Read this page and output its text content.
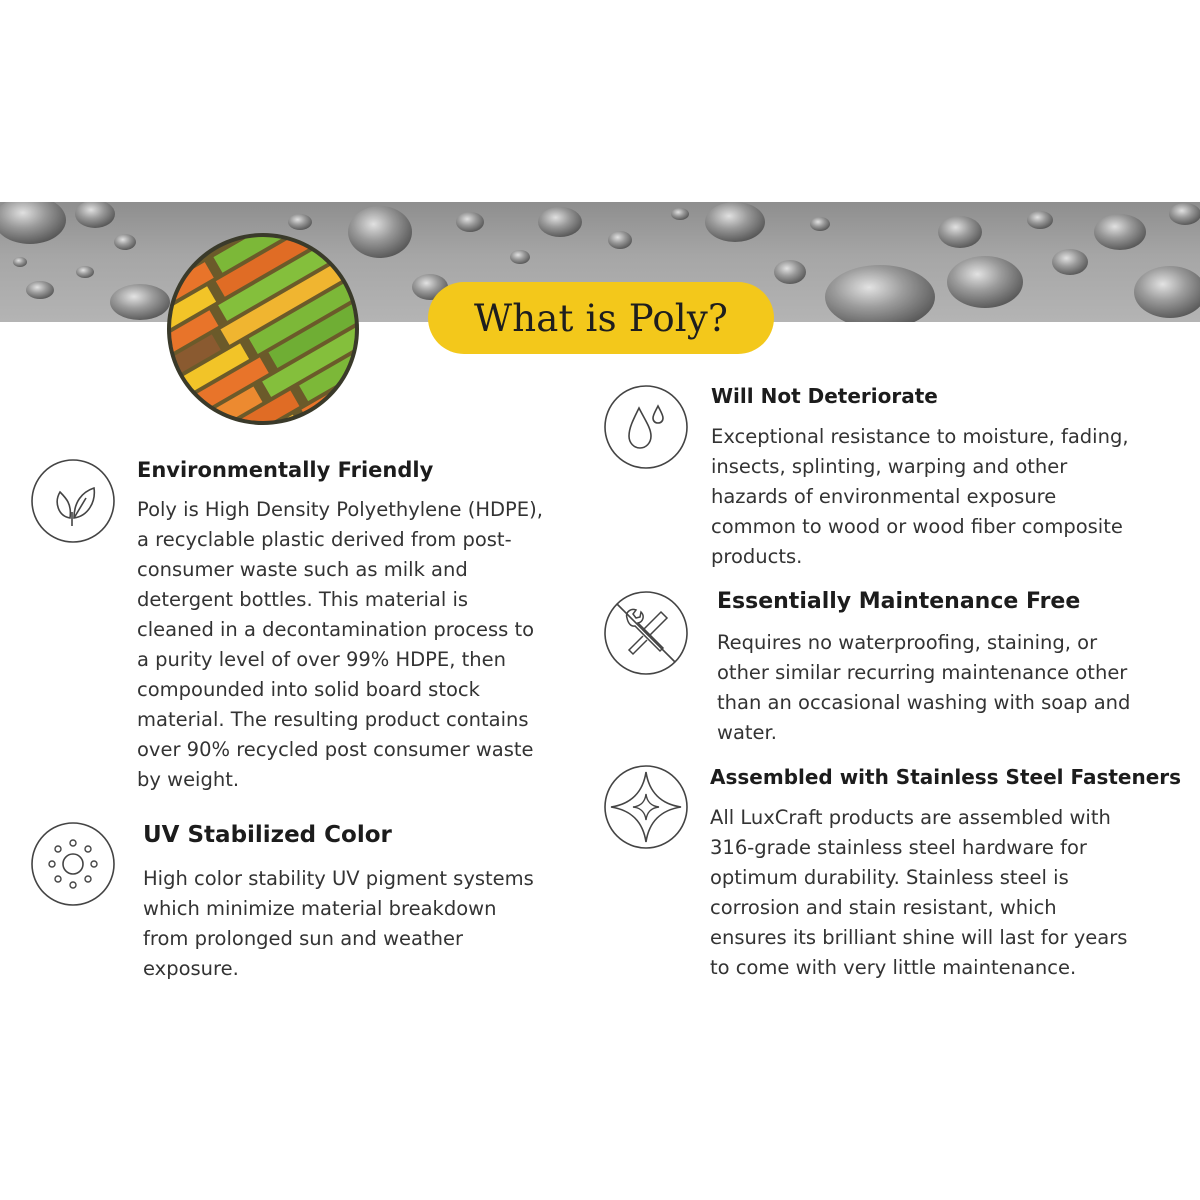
What is Poly?
Environmentally Friendly
Poly is High Density Polyethylene (HDPE),
a recyclable plastic derived from post-
consumer waste such as milk and
detergent bottles. This material is
cleaned in a decontamination process to
a purity level of over 99% HDPE, then
compounded into solid board stock
material. The resulting product contains
over 90% recycled post consumer waste
by weight.
UV Stabilized Color
High color stability UV pigment systems
which minimize material breakdown
from prolonged sun and weather
exposure.
Will Not Deteriorate
Exceptional resistance to moisture, fading,
insects, splinting, warping and other
hazards of environmental exposure
common to wood or wood fiber composite
products.
Essentially Maintenance Free
Requires no waterproofing, staining, or
other similar recurring maintenance other
than an occasional washing with soap and
water.
Assembled with Stainless Steel Fasteners
All LuxCraft products are assembled with
316-grade stainless steel hardware for
optimum durability. Stainless steel is
corrosion and stain resistant, which
ensures its brilliant shine will last for years
to come with very little maintenance.
